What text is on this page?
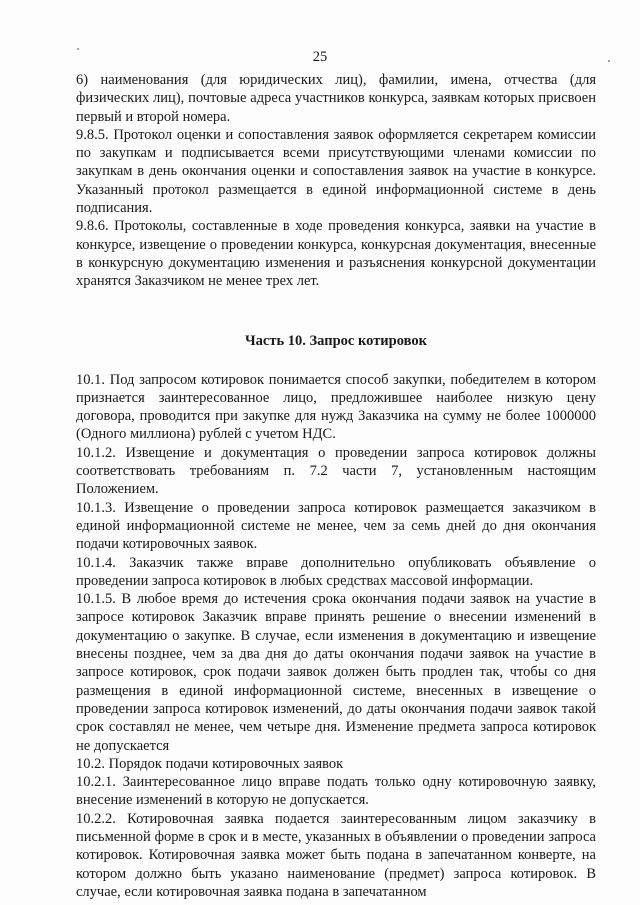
25

6) наименования (для юридических лиц), фамилии, имена, отчества (для физических лиц), почтовые адреса участников конкурса, заявкам которых присвоен первый и второй номера.

9.8.5. Протокол оценки и сопоставления заявок оформляется секретарем комиссии по закупкам и подписывается всеми присутствующими членами комиссии по закупкам в день окончания оценки и сопоставления заявок на участие в конкурсе. Указанный протокол размещается в единой информационной системе в день подписания.

9.8.6. Протоколы, составленные в ходе проведения конкурса, заявки на участие в конкурсе, извещение о проведении конкурса, конкурсная документация, внесенные в конкурсную документацию изменения и разъяснения конкурсной документации хранятся Заказчиком не менее трех лет.

Часть 10. Запрос котировок

10.1. Под запросом котировок понимается способ закупки, победителем в котором признается заинтересованное лицо, предложившее наиболее низкую цену договора, проводится при закупке для нужд Заказчика на сумму не более 1000000 (Одного миллиона) рублей с учетом НДС.

10.1.2. Извещение и документация о проведении запроса котировок должны соответствовать требованиям п. 7.2 части 7, установленным настоящим Положением.

10.1.3. Извещение о проведении запроса котировок размещается заказчиком в единой информационной системе не менее, чем за семь дней до дня окончания подачи котировочных заявок.

10.1.4. Заказчик также вправе дополнительно опубликовать объявление о проведении запроса котировок в любых средствах массовой информации.

10.1.5. В любое время до истечения срока окончания подачи заявок на участие в запросе котировок Заказчик вправе принять решение о внесении изменений в документацию о закупке. В случае, если изменения в документацию и извещение внесены позднее, чем за два дня до даты окончания подачи заявок на участие в запросе котировок, срок подачи заявок должен быть продлен так, чтобы со дня размещения в единой информационной системе, внесенных в извещение о проведении запроса котировок изменений, до даты окончания подачи заявок такой срок составлял не менее, чем четыре дня. Изменение предмета запроса котировок не допускается

10.2. Порядок подачи котировочных заявок

10.2.1. Заинтересованное лицо вправе подать только одну котировочную заявку, внесение изменений в которую не допускается.

10.2.2. Котировочная заявка подается заинтересованным лицом заказчику в письменной форме в срок и в месте, указанных в объявлении о проведении запроса котировок. Котировочная заявка может быть подана в запечатанном конверте, на котором должно быть указано наименование (предмет) запроса котировок. В случае, если котировочная заявка подана в запечатанном
